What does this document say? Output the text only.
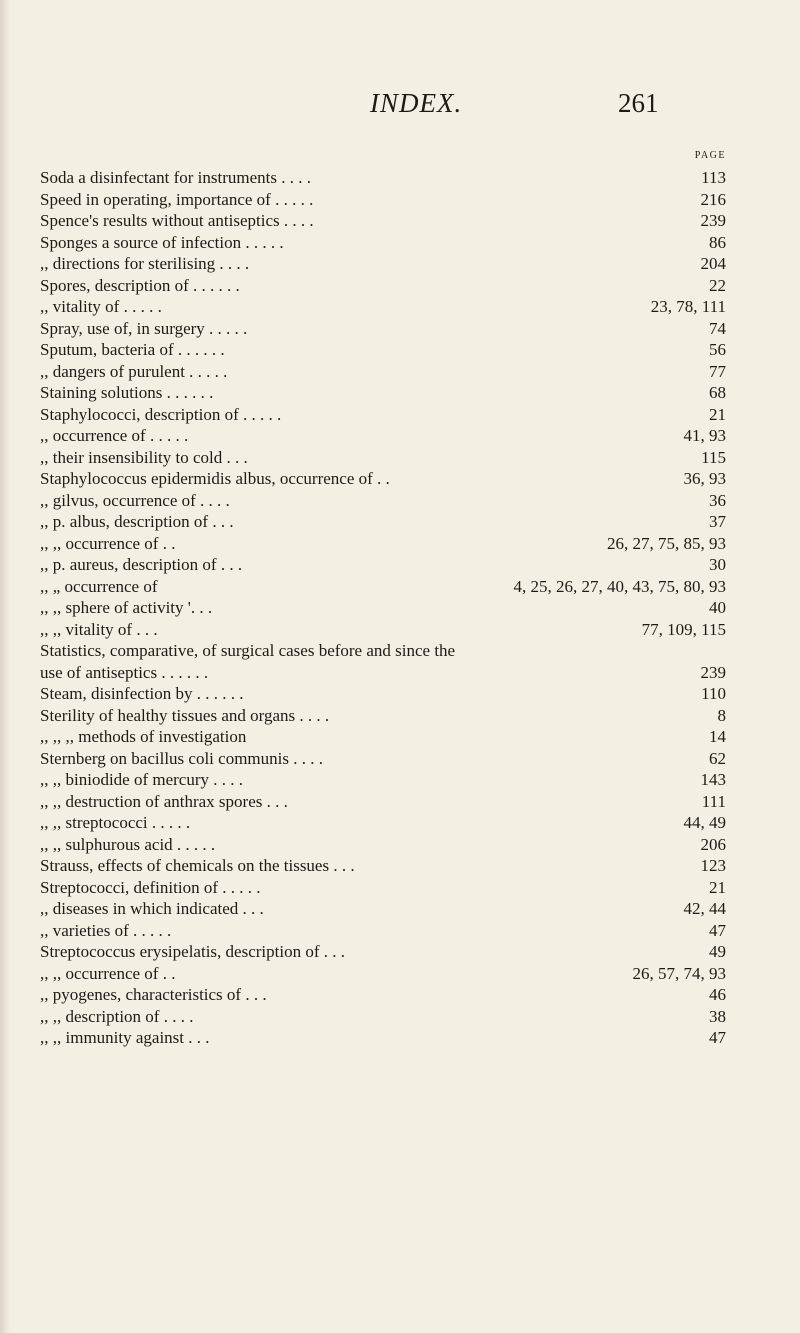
INDEX.	261
PAGE
Soda a disinfectant for instruments . . . .	113
Speed in operating, importance of . . . . .	216
Spence's results without antiseptics . . . .	239
Sponges a source of infection . . . . .	86
,, directions for sterilising . . . .	204
Spores, description of . . . . . .	22
,, vitality of . . . . .	23, 78, 111
Spray, use of, in surgery . . . . .	74
Sputum, bacteria of . . . . . .	56
,, dangers of purulent . . . . .	77
Staining solutions . . . . . .	68
Staphylococci, description of . . . . .	21
,, occurrence of . . . . .	41, 93
,, their insensibility to cold . . .	115
Staphylococcus epidermidis albus, occurrence of . .	36, 93
,, gilvus, occurrence of . . . .	36
,, p. albus, description of . . .	37
,, ,, occurrence of . .	26, 27, 75, 85, 93
,, p. aureus, description of . . .	30
,, „ occurrence of	4, 25, 26, 27, 40, 43, 75, 80, 93
,, ,, sphere of activity '. . .	40
,, ,, vitality of . . .	77, 109, 115
Statistics, comparative, of surgical cases before and since the
use of antiseptics . . . . . .	239
Steam, disinfection by . . . . . .	110
Sterility of healthy tissues and organs . . . .	8
,, ,, ,, methods of investigation	14
Sternberg on bacillus coli communis . . . .	62
,, ,, biniodide of mercury . . . .	143
,, ,, destruction of anthrax spores . . .	111
,, ,, streptococci . . . . .	44, 49
,, ,, sulphurous acid . . . . .	206
Strauss, effects of chemicals on the tissues . . .	123
Streptococci, definition of . . . . .	21
,, diseases in which indicated . . .	42, 44
,, varieties of . . . . .	47
Streptococcus erysipelatis, description of . . .	49
,, ,, occurrence of . .	26, 57, 74, 93
,, pyogenes, characteristics of . . .	46
,, ,, description of . . . .	38
,, ,, immunity against . . .	47
